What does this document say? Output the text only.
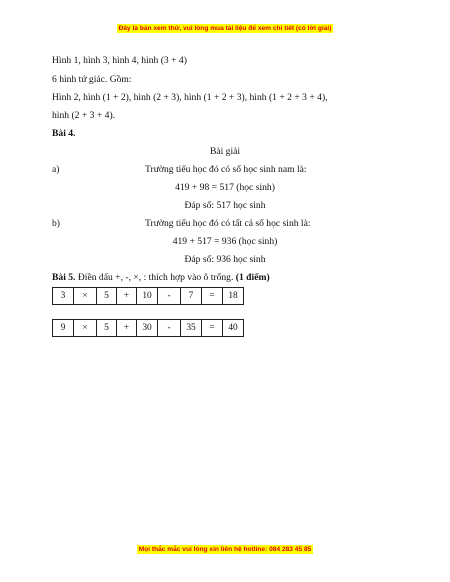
Đây là bản xem thử, vui lòng mua tài liệu để xem chi tiết (có lời giải)
Hình 1, hình 3, hình 4, hình (3 + 4)
6 hình tứ giác. Gồm:
Hình 2, hình (1 + 2), hình (2 + 3), hình (1 + 2 + 3), hình (1 + 2 + 3 + 4),
hình (2 + 3 + 4).
Bài 4.
Bài giải
a)	Trường tiểu học đó có số học sinh nam là:
419 + 98 = 517 (học sinh)
Đáp số: 517 học sinh
b)	Trường tiểu học đó có tất cả số học sinh là:
419 + 517 = 936 (học sinh)
Đáp số: 936 học sinh
Bài 5. Điền dấu +, -, ×, : thích hợp vào ô trống. (1 điểm)
3	×	5	+	10	-	7	=	18
9	×	5	+	30	-	35	=	40
Mọi thắc mắc vui lòng xin liên hệ hotline: 084 283 45 85
